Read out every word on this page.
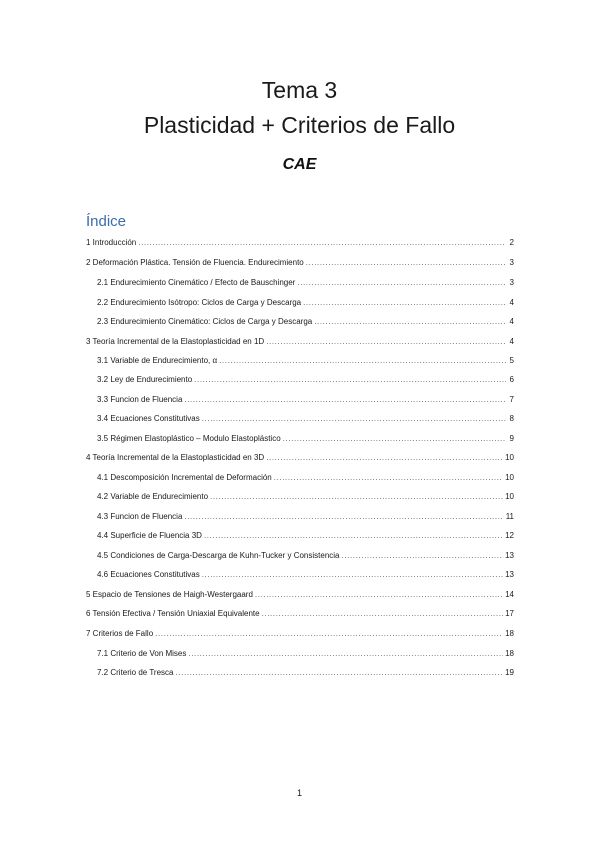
Tema 3
Plasticidad + Criterios de Fallo
CAE
Índice
1 Introducción .....	2
2 Deformación Plástica. Tensión de Fluencia. Endurecimiento .....	3
2.1 Endurecimiento Cinemático / Efecto de Bauschinger .....	3
2.2 Endurecimiento Isótropo: Ciclos de Carga y Descarga .....	4
2.3 Endurecimiento Cinemático: Ciclos de Carga y Descarga .....	4
3 Teoría Incremental de la Elastoplasticidad en 1D .....	4
3.1 Variable de Endurecimiento, α .....	5
3.2 Ley de Endurecimiento .....	6
3.3 Funcion de Fluencia .....	7
3.4 Ecuaciones Constitutivas .....	8
3.5 Régimen Elastoplástico – Modulo Elastoplástico .....	9
4 Teoría Incremental de la Elastoplasticidad en 3D .....	10
4.1 Descomposición Incremental de Deformación .....	10
4.2 Variable de Endurecimiento .....	10
4.3 Funcion de Fluencia .....	11
4.4 Superficie de Fluencia 3D .....	12
4.5 Condiciones de Carga-Descarga de Kuhn-Tucker y Consistencia .....	13
4.6 Ecuaciones Constitutivas .....	13
5 Espacio de Tensiones de Haigh-Westergaard .....	14
6 Tensión Efectiva / Tensión Uniaxial Equivalente .....	17
7 Criterios de Fallo .....	18
7.1 Criterio de Von Mises .....	18
7.2 Criterio de Tresca .....	19
1
